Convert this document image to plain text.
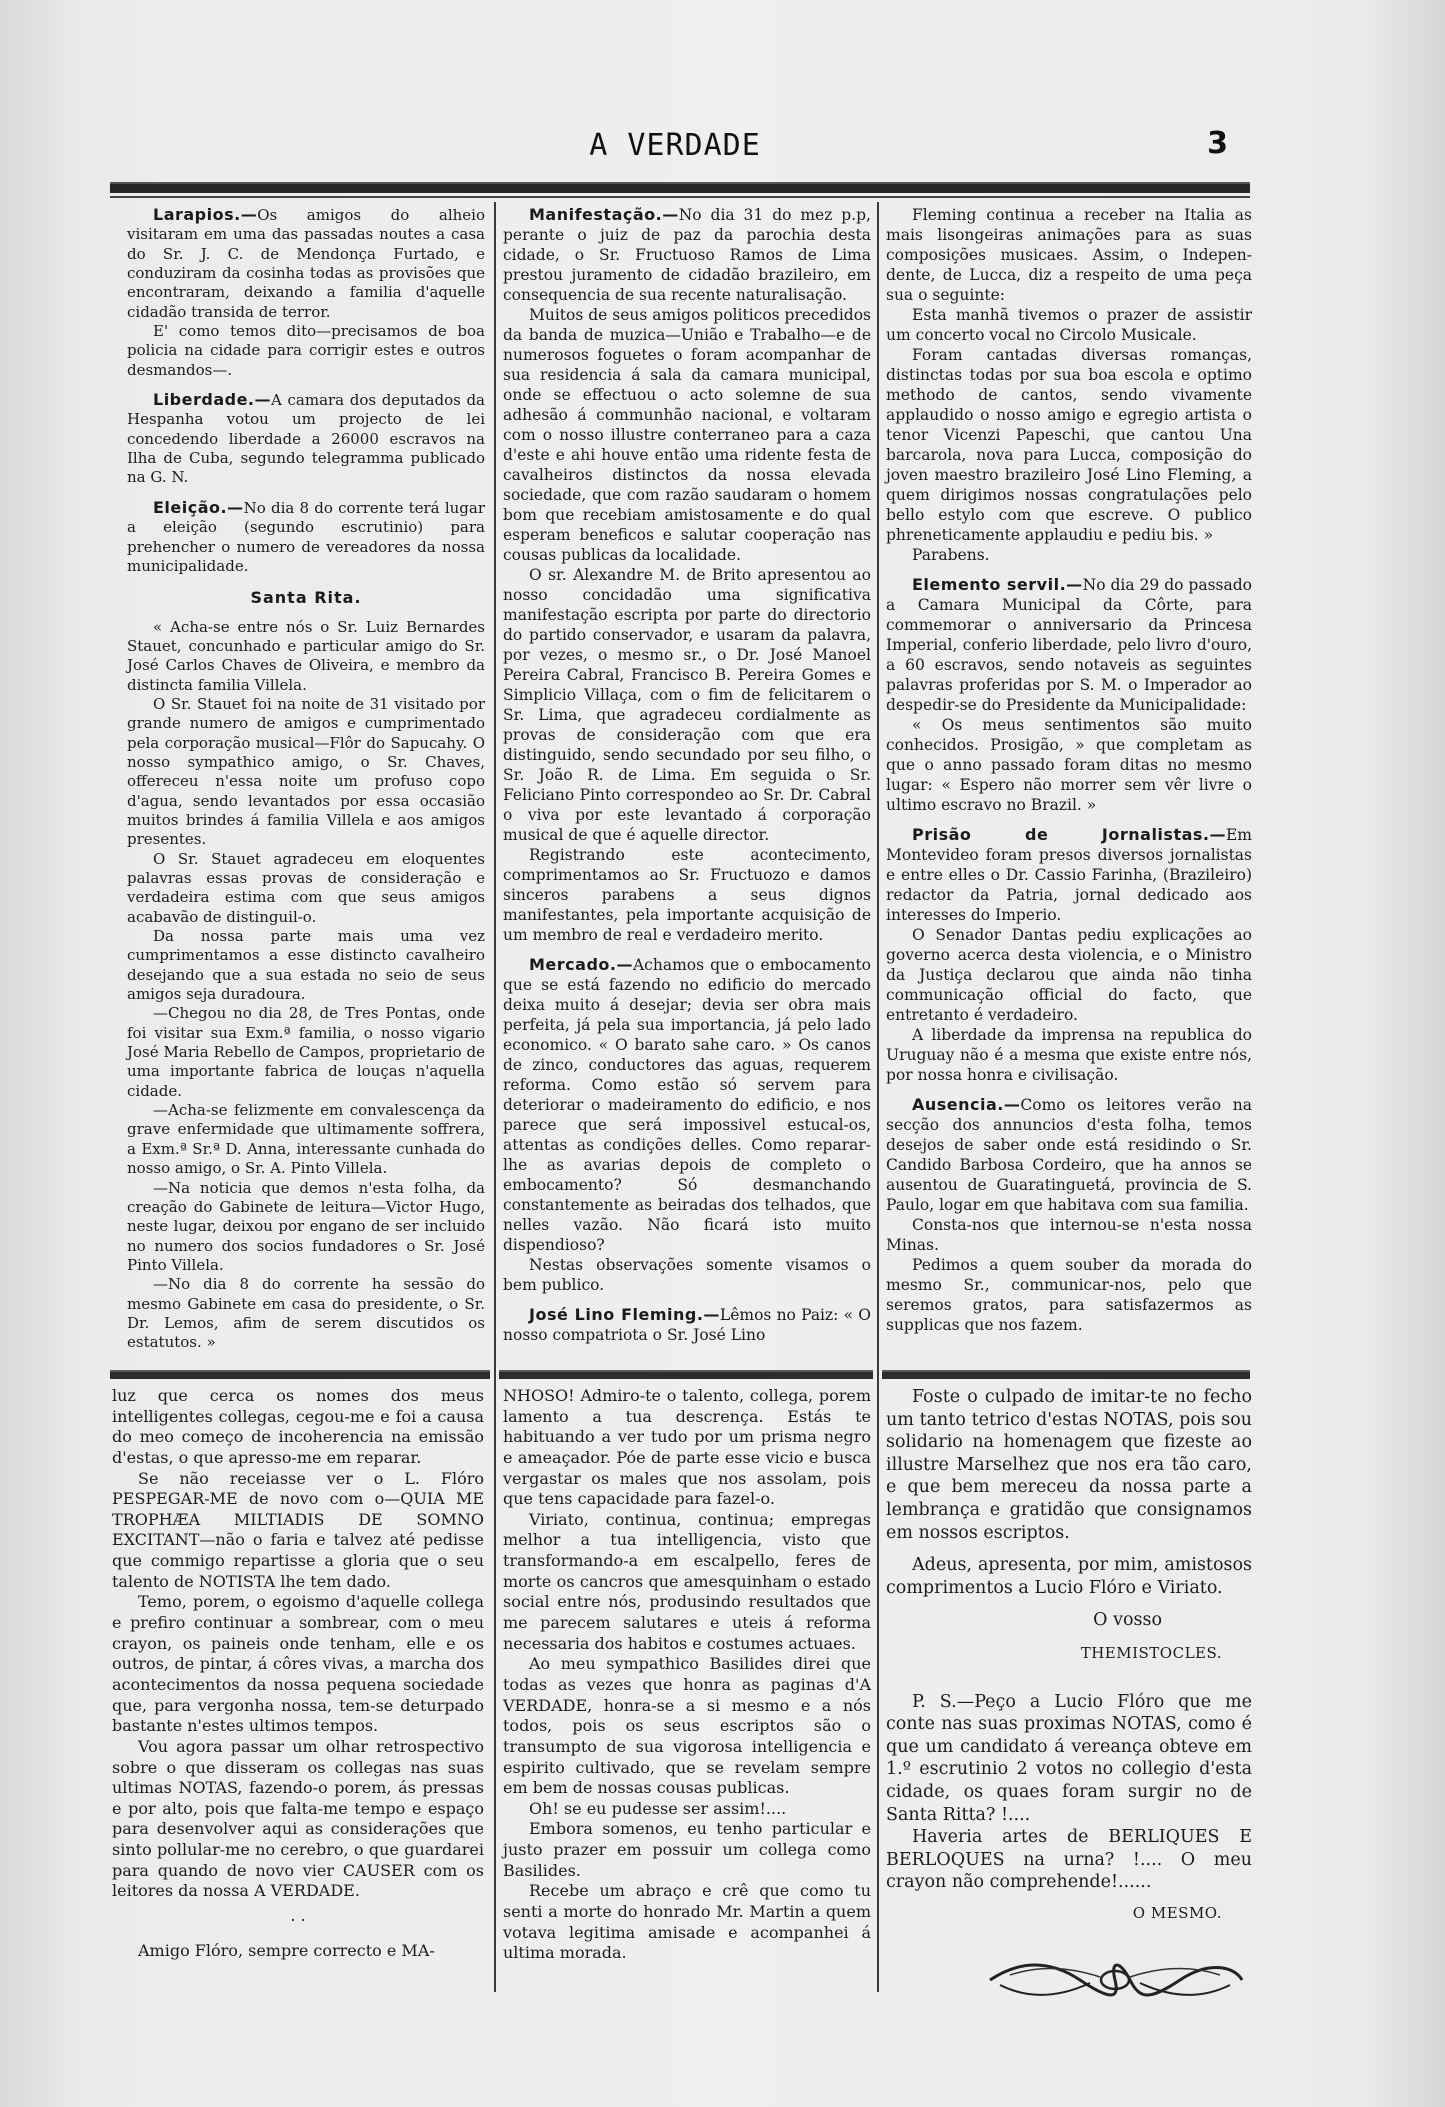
A VERDADE	3

Larapios.—Os amigos do alheio visitaram em uma das passadas noutes a casa do Sr. J. C. de Mendonça Furtado, e conduziram da cosinha todas as provisões que encontraram, deixando a familia d'aquelle cidadão transida de terror.

E' como temos dito—precisamos de boa policia na cidade para corrigir estes e outros desmandos—.

Liberdade.—A camara dos deputados da Hespanha votou um projecto de lei concedendo liberdade a 26000 escravos na Ilha de Cuba, segundo telegramma publicado na G. N.

Eleição.—No dia 8 do corrente terá lugar a eleição (segundo escrutinio) para prehencher o numero de vereadores da nossa municipalidade.

Santa Rita.

« Acha-se entre nós o Sr. Luiz Bernardes Stauet, concunhado e particular amigo do Sr. José Carlos Chaves de Oliveira, e membro da distincta familia Villela.

O Sr. Stauet foi na noite de 31 visitado por grande numero de amigos e cumprimentado pela corporação musical—Flôr do Sapucahy. O nosso sympathico amigo, o Sr. Chaves, offereceu n'essa noite um profuso copo d'agua, sendo levantados por essa occasião muitos brindes á familia Villela e aos amigos presentes.

O Sr. Stauet agradeceu em eloquentes palavras essas provas de consideração e verdadeira estima com que seus amigos acabavão de distinguil-o.

Da nossa parte mais uma vez cumprimentamos a esse distincto cavalheiro desejando que a sua estada no seio de seus amigos seja duradoura.

—Chegou no dia 28, de Tres Pontas, onde foi visitar sua Exm.ª familia, o nosso vigario José Maria Rebello de Campos, proprietario de uma importante fabrica de louças n'aquella cidade.

—Acha-se felizmente em convalescença da grave enfermidade que ultimamente soffrera, a Exm.ª Sr.ª D. Anna, interessante cunhada do nosso amigo, o Sr. A. Pinto Villela.

—Na noticia que demos n'esta folha, da creação do Gabinete de leitura—Victor Hugo, neste lugar, deixou por engano de ser incluido no numero dos socios fundadores o Sr. José Pinto Villela.

—No dia 8 do corrente ha sessão do mesmo Gabinete em casa do presidente, o Sr. Dr. Lemos, afim de serem discutidos os estatutos. »

Manifestação.—No dia 31 do mez p.p, perante o juiz de paz da parochia desta cidade, o Sr. Fructuoso Ramos de Lima prestou juramento de cidadão brazileiro, em consequencia de sua recente naturalisação.

Muitos de seus amigos politicos precedidos da banda de muzica—União e Trabalho—e de numerosos foguetes o foram acompanhar de sua residencia á sala da camara municipal, onde se effectuou o acto solemne de sua adhesão á communhão nacional, e voltaram com o nosso illustre conterraneo para a caza d'este e ahi houve então uma ridente festa de cavalheiros distinctos da nossa elevada sociedade, que com razão saudaram o homem bom que recebiam amistosamente e do qual esperam beneficos e salutar cooperação nas cousas publicas da localidade.

O sr. Alexandre M. de Brito apresentou ao nosso concidadão uma significativa manifestação escripta por parte do directorio do partido conservador, e usaram da palavra, por vezes, o mesmo sr., o Dr. José Manoel Pereira Cabral, Francisco B. Pereira Gomes e Simplicio Villaça, com o fim de felicitarem o Sr. Lima, que agradeceu cordialmente as provas de consideração com que era distinguido, sendo secundado por seu filho, o Sr. João R. de Lima. Em seguida o Sr. Feliciano Pinto correspondeo ao Sr. Dr. Cabral o viva por este levantado á corporação musical de que é aquelle director.

Registrando este acontecimento, comprimentamos ao Sr. Fructuozo e damos sinceros parabens a seus dignos manifestantes, pela importante acquisição de um membro de real e verdadeiro merito.

Mercado.—Achamos que o embocamento que se está fazendo no edificio do mercado deixa muito á desejar; devia ser obra mais perfeita, já pela sua importancia, já pelo lado economico. « O barato sahe caro. » Os canos de zinco, conductores das aguas, requerem reforma. Como estão só servem para deteriorar o madeiramento do edificio, e nos parece que será impossivel estucal-os, attentas as condições delles. Como reparar-lhe as avarias depois de completo o embocamento? Só desmanchando constantemente as beiradas dos telhados, que nelles vazão. Não ficará isto muito dispendioso?

Nestas observações somente visamos o bem publico.

José Lino Fleming.—Lêmos no Paiz: « O nosso compatriota o Sr. José Lino

Fleming continua a receber na Italia as mais lisongeiras animações para as suas composições musicaes. Assim, o Indepen-dente, de Lucca, diz a respeito de uma peça sua o seguinte:

Esta manhã tivemos o prazer de assistir um concerto vocal no Circolo Musicale.

Foram cantadas diversas romanças, distinctas todas por sua boa escola e optimo methodo de cantos, sendo vivamente applaudido o nosso amigo e egregio artista o tenor Vicenzi Papeschi, que cantou Una barcarola, nova para Lucca, composição do joven maestro brazileiro José Lino Fleming, a quem dirigimos nossas congratulações pelo bello estylo com que escreve. O publico phreneticamente applaudiu e pediu bis. »

Parabens.

Elemento servil.—No dia 29 do passado a Camara Municipal da Côrte, para commemorar o anniversario da Princesa Imperial, conferio liberdade, pelo livro d'ouro, a 60 escravos, sendo notaveis as seguintes palavras proferidas por S. M. o Imperador ao despedir-se do Presidente da Municipalidade:

« Os meus sentimentos são muito conhecidos. Prosigão, » que completam as que o anno passado foram ditas no mesmo lugar: « Espero não morrer sem vêr livre o ultimo escravo no Brazil. »

Prisão de Jornalistas.—Em Montevideo foram presos diversos jornalistas e entre elles o Dr. Cassio Farinha, (Brazileiro) redactor da Patria, jornal dedicado aos interesses do Imperio.

O Senador Dantas pediu explicações ao governo acerca desta violencia, e o Ministro da Justiça declarou que ainda não tinha communicação official do facto, que entretanto é verdadeiro.

A liberdade da imprensa na republica do Uruguay não é a mesma que existe entre nós, por nossa honra e civilisação.

Ausencia.—Como os leitores verão na secção dos annuncios d'esta folha, temos desejos de saber onde está residindo o Sr. Candido Barbosa Cordeiro, que ha annos se ausentou de Guaratinguetá, provincia de S. Paulo, logar em que habitava com sua familia.

Consta-nos que internou-se n'esta nossa Minas.

Pedimos a quem souber da morada do mesmo Sr., communicar-nos, pelo que seremos gratos, para satisfazermos as supplicas que nos fazem.

luz que cerca os nomes dos meus intelligentes collegas, cegou-me e foi a causa do meo começo de incoherencia na emissão d'estas, o que apresso-me em reparar.

Se não receiasse ver o L. Flóro PESPEGAR-ME de novo com o—QUIA ME TROPHÆA MILTIADIS DE SOMNO EXCITANT—não o faria e talvez até pedisse que commigo repartisse a gloria que o seu talento de NOTISTA lhe tem dado.

Temo, porem, o egoismo d'aquelle collega e prefiro continuar a sombrear, com o meu crayon, os paineis onde tenham, elle e os outros, de pintar, á côres vivas, a marcha dos acontecimentos da nossa pequena sociedade que, para vergonha nossa, tem-se deturpado bastante n'estes ultimos tempos.

Vou agora passar um olhar retrospectivo sobre o que disseram os collegas nas suas ultimas NOTAS, fazendo-o porem, ás pressas e por alto, pois que falta-me tempo e espaço para desenvolver aqui as considerações que sinto pollular-me no cerebro, o que guardarei para quando de novo vier CAUSER com os leitores da nossa A VERDADE.

. .

Amigo Flóro, sempre correcto e MA-

NHOSO! Admiro-te o talento, collega, porem lamento a tua descrença. Estás te habituando a ver tudo por um prisma negro e ameaçador. Póe de parte esse vicio e busca vergastar os males que nos assolam, pois que tens capacidade para fazel-o.

Viriato, continua, continua; empregas melhor a tua intelligencia, visto que transformando-a em escalpello, feres de morte os cancros que amesquinham o estado social entre nós, produsindo resultados que me parecem salutares e uteis á reforma necessaria dos habitos e costumes actuaes.

Ao meu sympathico Basilides direi que todas as vezes que honra as paginas d'A VERDADE, honra-se a si mesmo e a nós todos, pois os seus escriptos são o transumpto de sua vigorosa intelligencia e espirito cultivado, que se revelam sempre em bem de nossas cousas publicas.

Oh! se eu pudesse ser assim!....

Embora somenos, eu tenho particular e justo prazer em possuir um collega como Basilides.

Recebe um abraço e crê que como tu senti a morte do honrado Mr. Martin a quem votava legitima amisade e acompanhei á ultima morada.

Foste o culpado de imitar-te no fecho um tanto tetrico d'estas NOTAS, pois sou solidario na homenagem que fizeste ao illustre Marselhez que nos era tão caro, e que bem mereceu da nossa parte a lembrança e gratidão que consignamos em nossos escriptos.

Adeus, apresenta, por mim, amistosos comprimentos a Lucio Flóro e Viriato.

O vosso

THEMISTOCLES.

P. S.—Peço a Lucio Flóro que me conte nas suas proximas NOTAS, como é que um candidato á vereança obteve em 1.º escrutinio 2 votos no collegio d'esta cidade, os quaes foram surgir no de Santa Ritta? !....

Haveria artes de BERLIQUES E BERLOQUES na urna? !.... O meu crayon não comprehende!......

O MESMO.
